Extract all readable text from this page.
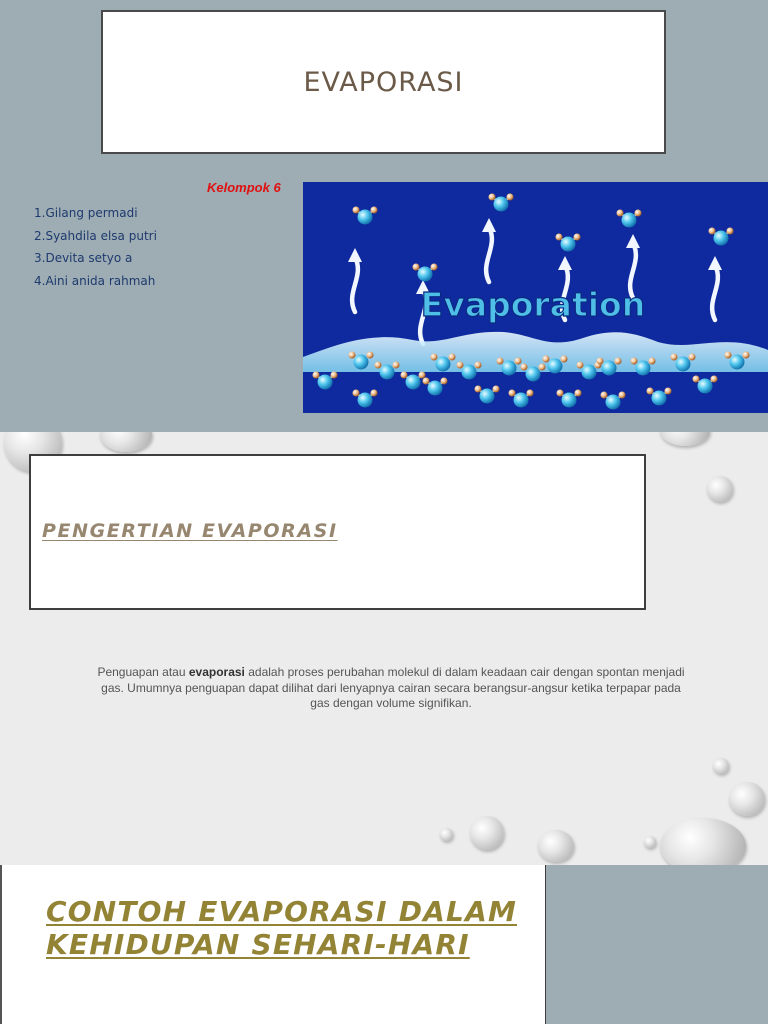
EVAPORASI
Kelompok 6
1.Gilang permadi
2.Syahdila elsa putri
3.Devita setyo a
4.Aini anida rahmah
Evaporation
PENGERTIAN EVAPORASI

Penguapan atau evaporasi adalah proses perubahan molekul di dalam keadaan cair dengan spontan menjadi gas. Umumnya penguapan dapat dilihat dari lenyapnya cairan secara berangsur-angsur ketika terpapar pada gas dengan volume signifikan.

CONTOH EVAPORASI DALAM
KEHIDUPAN SEHARI-HARI
